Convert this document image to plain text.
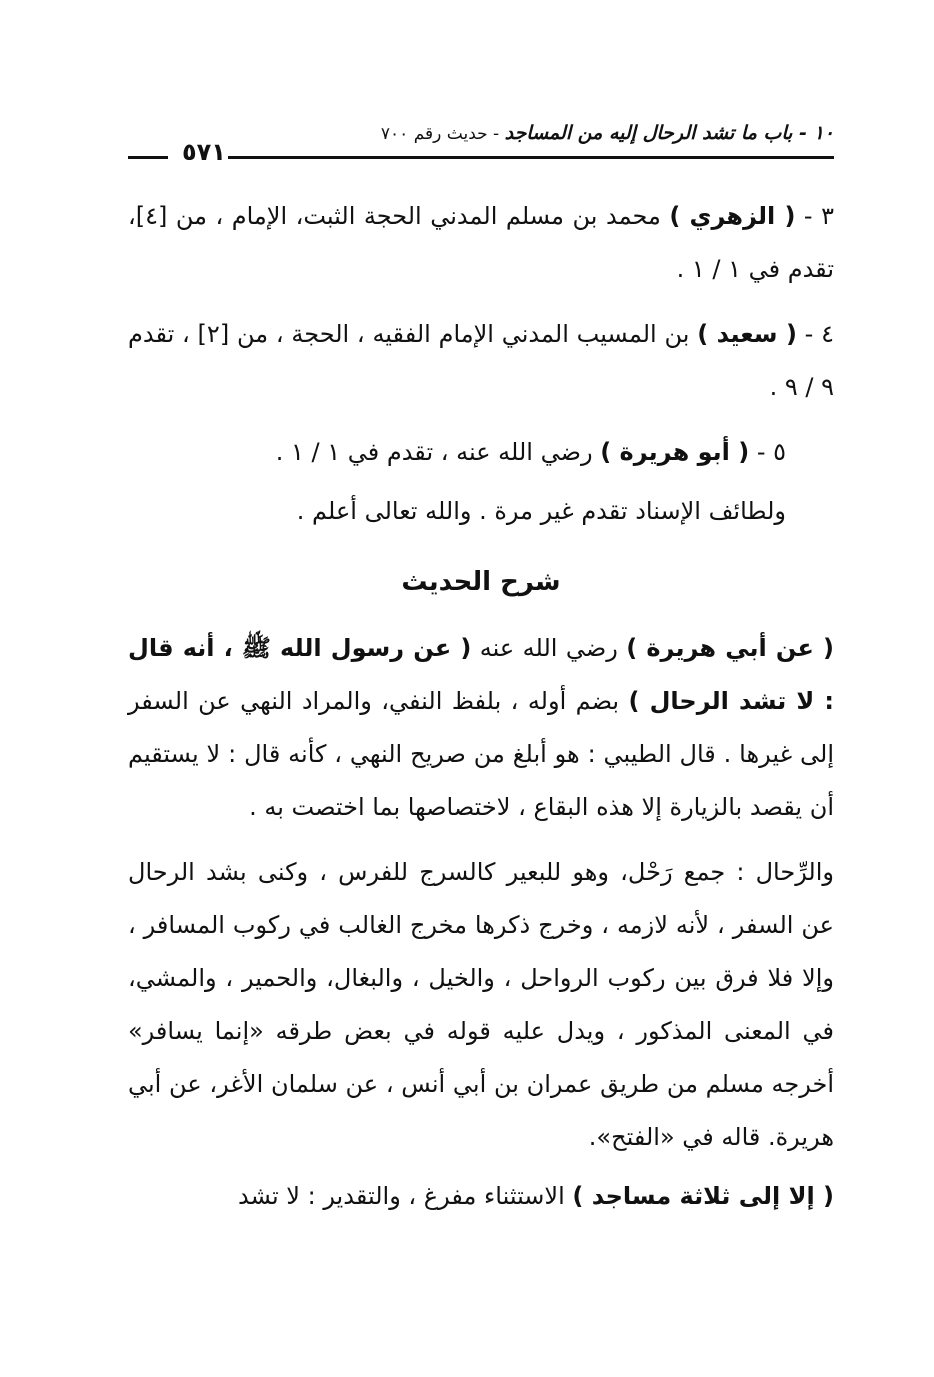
١٠ - باب ما تشد الرحال إليه من المساجد - حديث رقم ٧٠٠
٥٧١

٣ - ( الزهري ) محمد بن مسلم المدني الحجة الثبت، الإمام ، من [٤]، تقدم في ١ / ١ .

٤ - ( سعيد ) بن المسيب المدني الإمام الفقيه ، الحجة ، من [٢] ، تقدم ٩ / ٩ .

٥ - ( أبو هريرة ) رضي الله عنه ، تقدم في ١ / ١ .

ولطائف الإسناد تقدم غير مرة . والله تعالى أعلم .

شرح الحديث

( عن أبي هريرة ) رضي الله عنه ( عن رسول الله ﷺ ، أنه قال : لا تشد الرحال ) بضم أوله ، بلفظ النفي، والمراد النهي عن السفر إلى غيرها . قال الطيبي : هو أبلغ من صريح النهي ، كأنه قال : لا يستقيم أن يقصد بالزيارة إلا هذه البقاع ، لاختصاصها بما اختصت به .

والرِّحال : جمع رَحْل، وهو للبعير كالسرج للفرس ، وكنى بشد الرحال عن السفر ، لأنه لازمه ، وخرج ذكرها مخرج الغالب في ركوب المسافر ، وإلا فلا فرق بين ركوب الرواحل ، والخيل ، والبغال، والحمير ، والمشي، في المعنى المذكور ، ويدل عليه قوله في بعض طرقه «إنما يسافر» أخرجه مسلم من طريق عمران بن أبي أنس ، عن سلمان الأغر، عن أبي هريرة. قاله في «الفتح».

( إلا إلى ثلاثة مساجد ) الاستثناء مفرغ ، والتقدير : لا تشد
